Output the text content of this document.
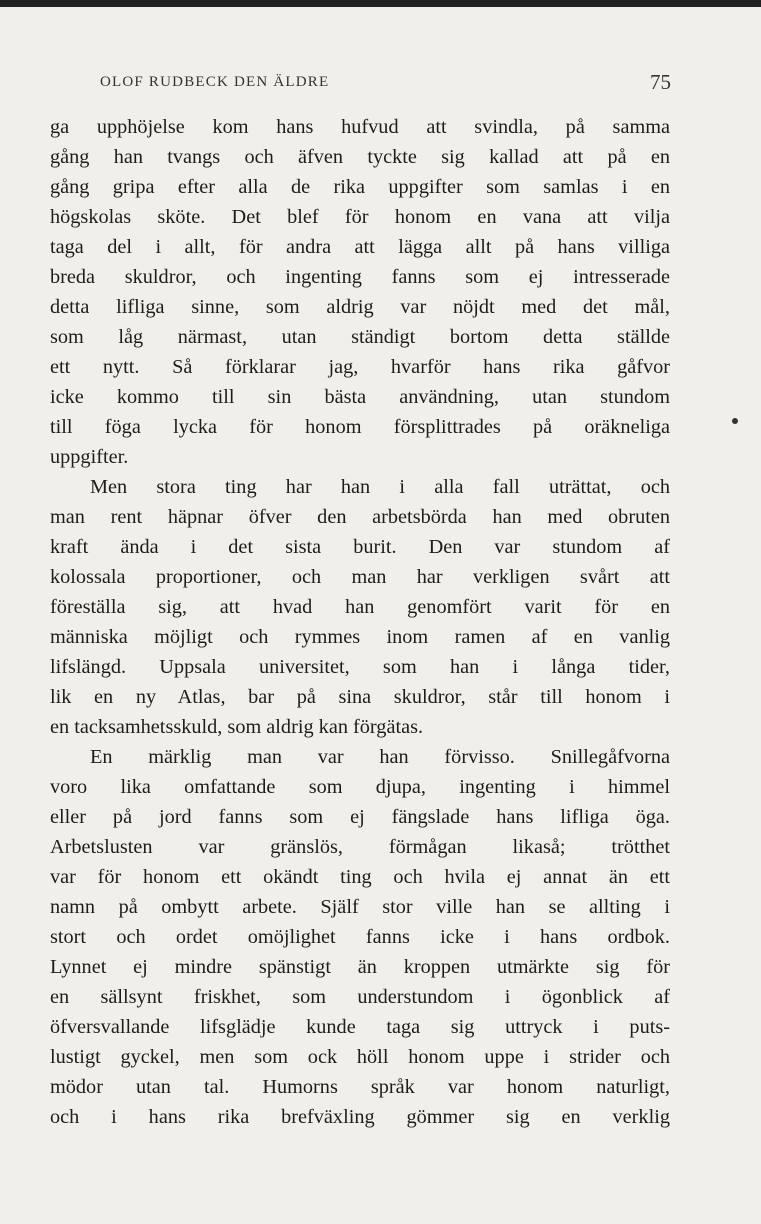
OLOF RUDBECK DEN ÄLDRE	75
ga upphöjelse kom hans hufvud att svindla, på samma
gång han tvangs och äfven tyckte sig kallad att på en
gång gripa efter alla de rika uppgifter som samlas i en
högskolas sköte. Det blef för honom en vana att vilja
taga del i allt, för andra att lägga allt på hans villiga
breda skuldror, och ingenting fanns som ej intresserade
detta lifliga sinne, som aldrig var nöjdt med det mål,
som låg närmast, utan ständigt bortom detta ställde
ett nytt. Så förklarar jag, hvarför hans rika gåfvor
icke kommo till sin bästa användning, utan stundom
till föga lycka för honom försplittrades på oräkneliga
uppgifter.
Men stora ting har han i alla fall uträttat, och
man rent häpnar öfver den arbetsbörda han med obruten
kraft ända i det sista burit. Den var stundom af
kolossala proportioner, och man har verkligen svårt att
föreställa sig, att hvad han genomfört varit för en
människa möjligt och rymmes inom ramen af en vanlig
lifslängd. Uppsala universitet, som han i långa tider,
lik en ny Atlas, bar på sina skuldror, står till honom i
en tacksamhetsskuld, som aldrig kan förgätas.
En märklig man var han förvisso. Snillegåfvorna
voro lika omfattande som djupa, ingenting i himmel
eller på jord fanns som ej fängslade hans lifliga öga.
Arbetslusten var gränslös, förmågan likaså; trötthet
var för honom ett okändt ting och hvila ej annat än ett
namn på ombytt arbete. Själf stor ville han se allting i
stort och ordet omöjlighet fanns icke i hans ordbok.
Lynnet ej mindre spänstigt än kroppen utmärkte sig för
en sällsynt friskhet, som understundom i ögonblick af
öfversvallande lifsglädje kunde taga sig uttryck i puts-
lustigt gyckel, men som ock höll honom uppe i strider och
mödor utan tal. Humorns språk var honom naturligt,
och i hans rika brefväxling gömmer sig en verklig
